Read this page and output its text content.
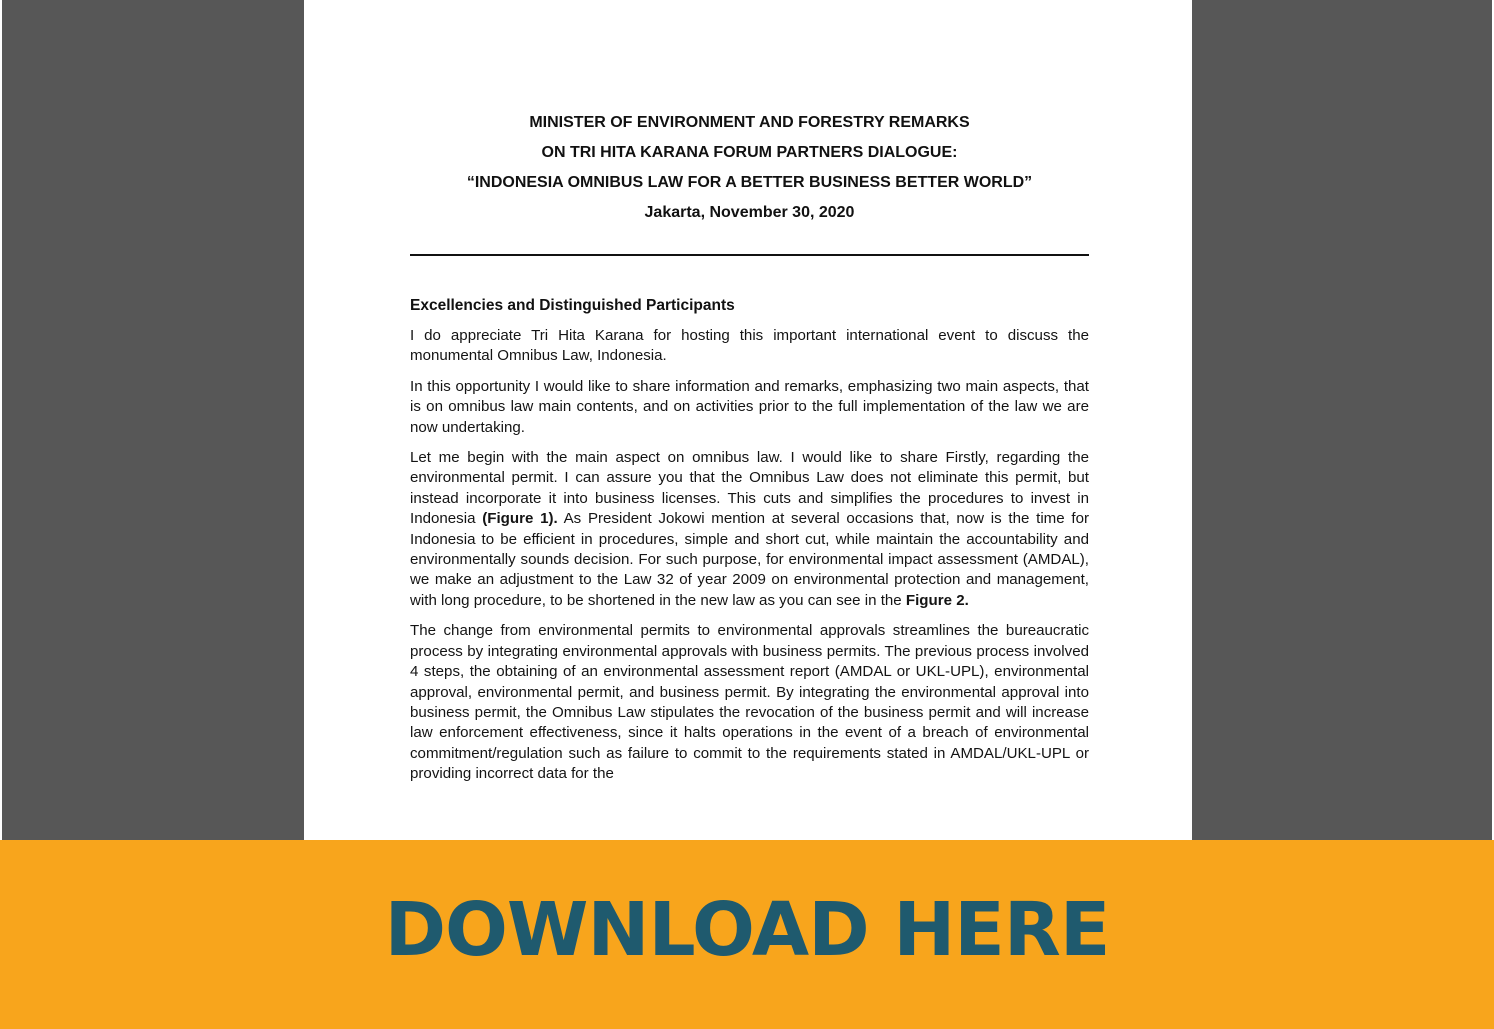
MINISTER OF ENVIRONMENT AND FORESTRY REMARKS
ON TRI HITA KARANA FORUM PARTNERS DIALOGUE:
“INDONESIA OMNIBUS LAW FOR A BETTER BUSINESS BETTER WORLD”
Jakarta, November 30, 2020
Excellencies and Distinguished Participants
I do appreciate Tri Hita Karana for hosting this important international event to discuss the monumental Omnibus Law, Indonesia.
In this opportunity I would like to share information and remarks, emphasizing two main aspects, that is on omnibus law main contents, and on activities prior to the full implementation of the law we are now undertaking.
Let me begin with the main aspect on omnibus law. I would like to share Firstly, regarding the environmental permit. I can assure you that the Omnibus Law does not eliminate this permit, but instead incorporate it into business licenses. This cuts and simplifies the procedures to invest in Indonesia (Figure 1). As President Jokowi mention at several occasions that, now is the time for Indonesia to be efficient in procedures, simple and short cut, while maintain the accountability and environmentally sounds decision. For such purpose, for environmental impact assessment (AMDAL), we make an adjustment to the Law 32 of year 2009 on environmental protection and management, with long procedure, to be shortened in the new law as you can see in the Figure 2.
The change from environmental permits to environmental approvals streamlines the bureaucratic process by integrating environmental approvals with business permits. The previous process involved 4 steps, the obtaining of an environmental assessment report (AMDAL or UKL-UPL), environmental approval, environmental permit, and business permit. By integrating the environmental approval into business permit, the Omnibus Law stipulates the revocation of the business permit and will increase law enforcement effectiveness, since it halts operations in the event of a breach of environmental commitment/regulation such as failure to commit to the requirements stated in AMDAL/UKL-UPL or providing incorrect data for the
DOWNLOAD HERE
